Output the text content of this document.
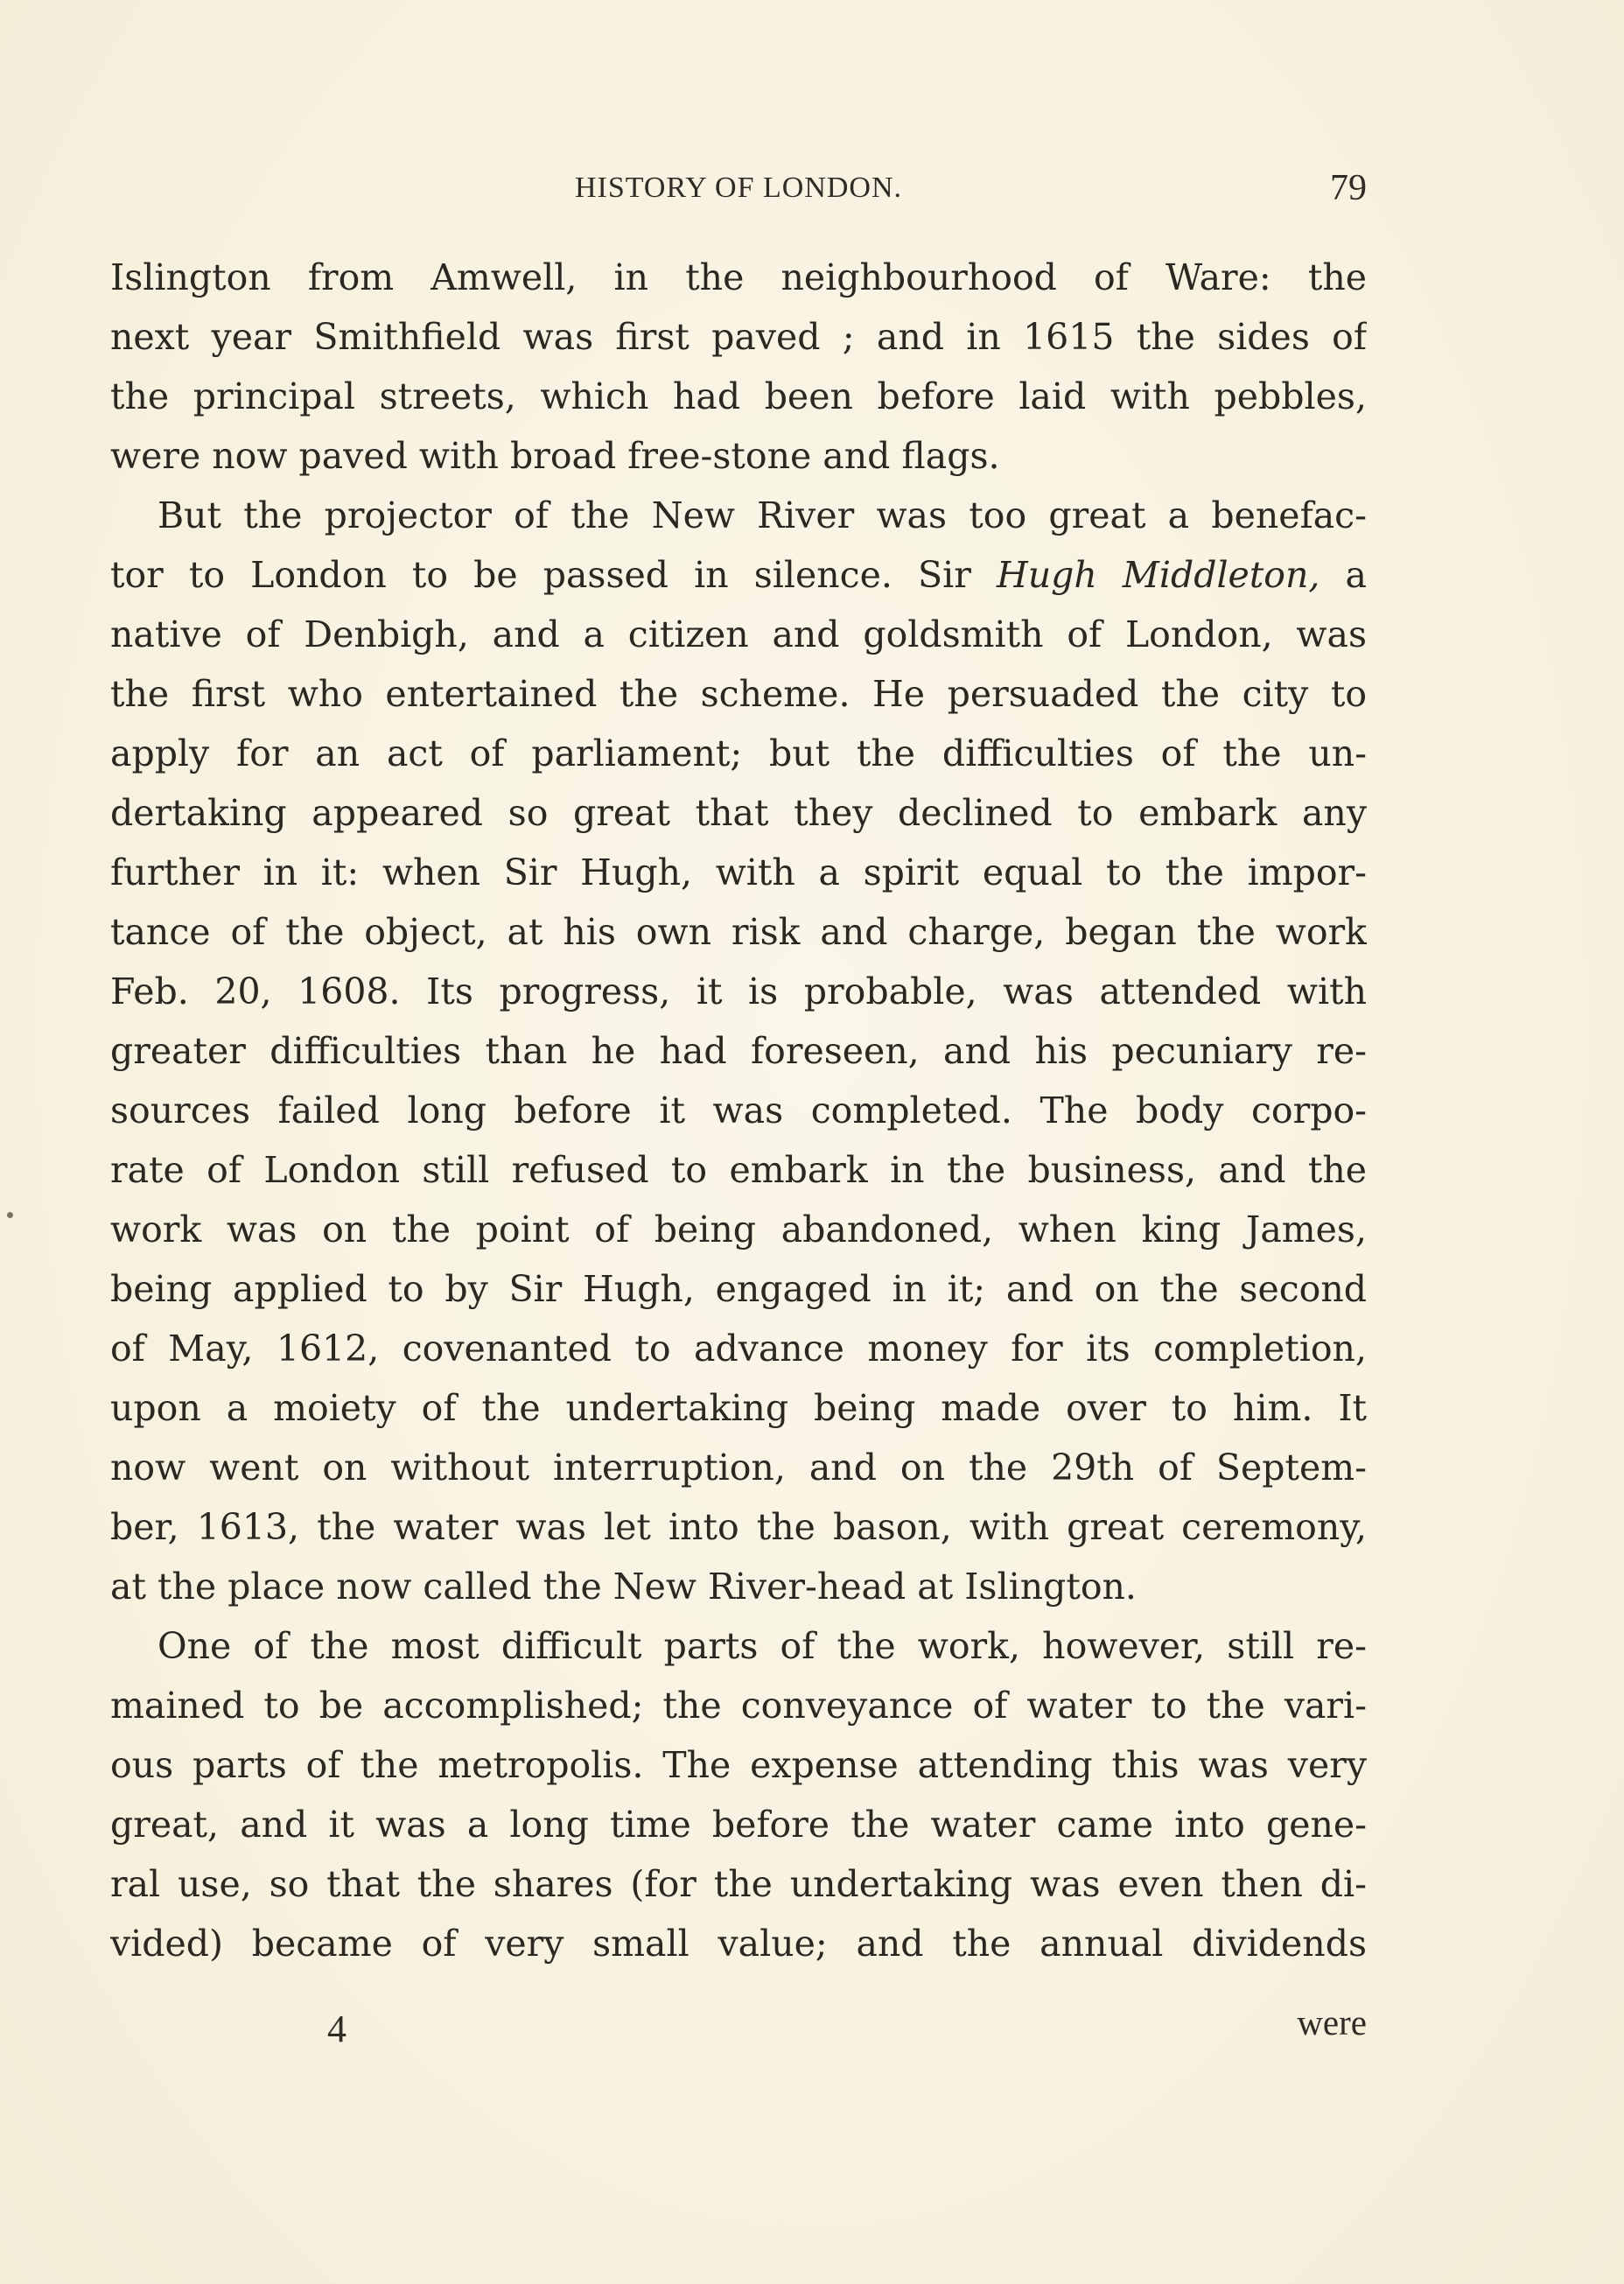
HISTORY OF LONDON.	79
Islington from Amwell, in the neighbourhood of Ware: the
next year Smithfield was first paved ; and in 1615 the sides of
the principal streets, which had been before laid with pebbles,
were now paved with broad free-stone and flags.
But the projector of the New River was too great a benefac-
tor to London to be passed in silence. Sir Hugh Middleton, a
native of Denbigh, and a citizen and goldsmith of London, was
the first who entertained the scheme. He persuaded the city to
apply for an act of parliament; but the difficulties of the un-
dertaking appeared so great that they declined to embark any
further in it: when Sir Hugh, with a spirit equal to the impor-
tance of the object, at his own risk and charge, began the work
Feb. 20, 1608. Its progress, it is probable, was attended with
greater difficulties than he had foreseen, and his pecuniary re-
sources failed long before it was completed. The body corpo-
rate of London still refused to embark in the business, and the
work was on the point of being abandoned, when king James,
being applied to by Sir Hugh, engaged in it; and on the second
of May, 1612, covenanted to advance money for its completion,
upon a moiety of the undertaking being made over to him. It
now went on without interruption, and on the 29th of Septem-
ber, 1613, the water was let into the bason, with great ceremony,
at the place now called the New River-head at Islington.
One of the most difficult parts of the work, however, still re-
mained to be accomplished; the conveyance of water to the vari-
ous parts of the metropolis. The expense attending this was very
great, and it was a long time before the water came into gene-
ral use, so that the shares (for the undertaking was even then di-
vided) became of very small value; and the annual dividends
4	were
